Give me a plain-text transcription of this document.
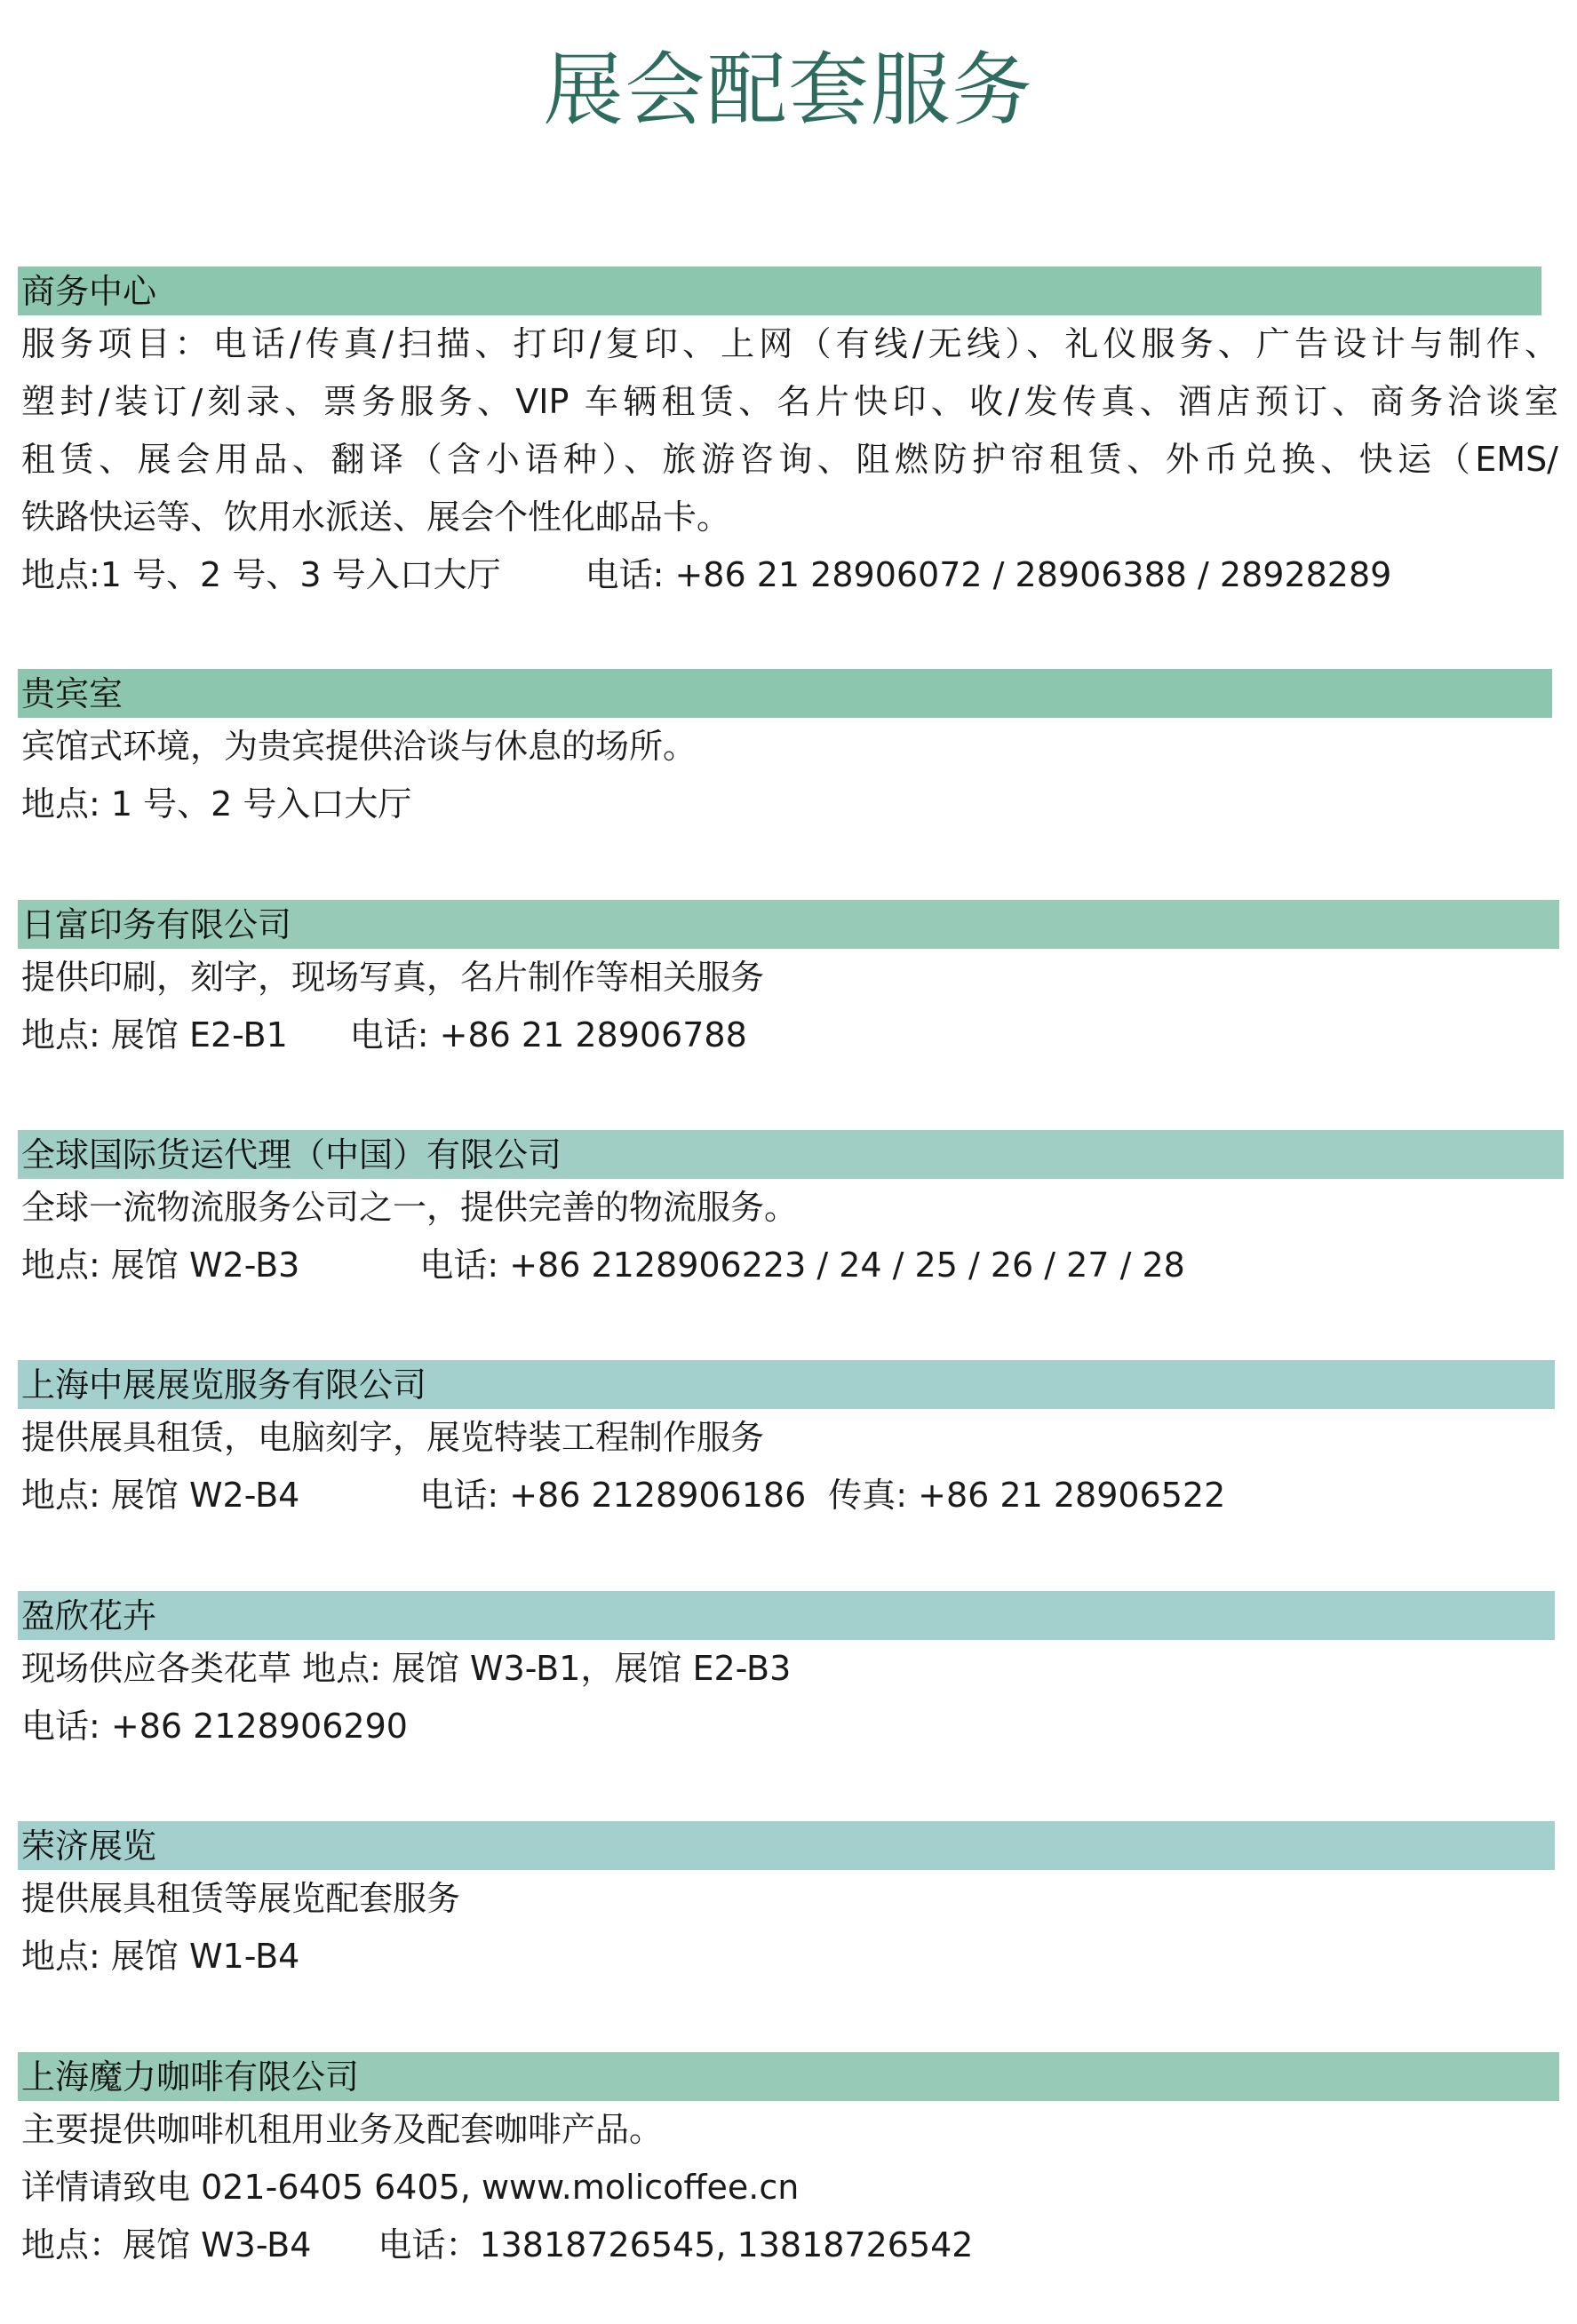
展会配套服务
商务中心
服务项目：电话/传真/扫描、打印/复印、上网（有线/无线）、礼仪服务、广告设计与制作、
塑封/装订/刻录、票务服务、VIP 车辆租赁、名片快印、收/发传真、酒店预订、商务洽谈室
租赁、展会用品、翻译（含小语种）、旅游咨询、阻燃防护帘租赁、外币兑换、快运（EMS/
铁路快运等、饮用水派送、展会个性化邮品卡。
地点:1 号、2 号、3 号入口大厅	电话: +86 21 28906072 / 28906388 / 28928289
贵宾室
宾馆式环境，为贵宾提供洽谈与休息的场所。
地点: 1 号、2 号入口大厅
日富印务有限公司
提供印刷，刻字，现场写真，名片制作等相关服务
地点: 展馆 E2-B1 电话: +86 21 28906788
全球国际货运代理（中国）有限公司
全球一流物流服务公司之一，提供完善的物流服务。
地点: 展馆 W2-B3	电话: +86 2128906223 / 24 / 25 / 26 / 27 / 28
上海中展展览服务有限公司
提供展具租赁，电脑刻字，展览特装工程制作服务
地点: 展馆 W2-B4	电话: +86 2128906186 传真: +86 21 28906522
盈欣花卉
现场供应各类花草 地点: 展馆 W3-B1，展馆 E2-B3
电话: +86 2128906290
荣济展览
提供展具租赁等展览配套服务
地点: 展馆 W1-B4
上海魔力咖啡有限公司
主要提供咖啡机租用业务及配套咖啡产品。
详情请致电 021-6405 6405, www.molicoffee.cn
地点：展馆 W3-B4 电话：13818726545, 13818726542
